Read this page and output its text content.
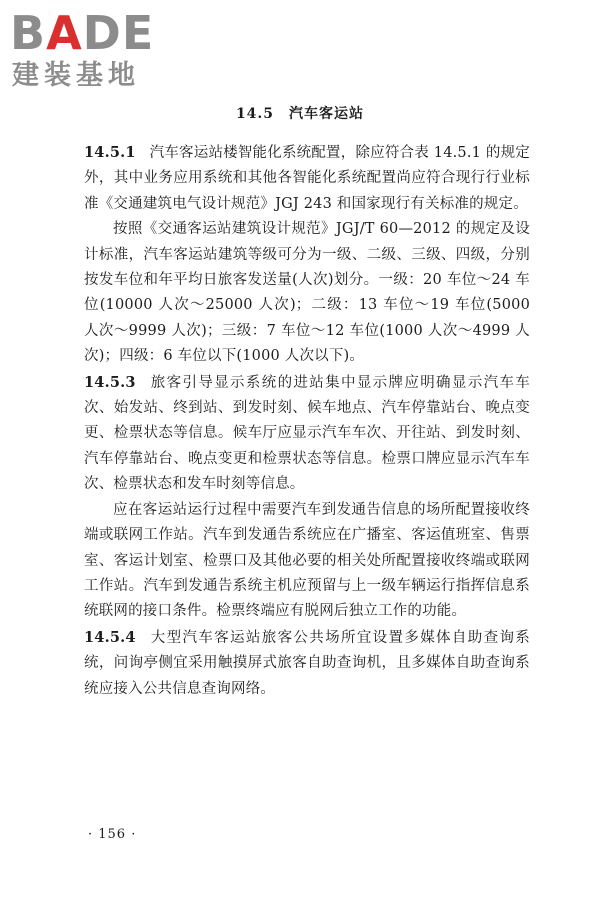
BADE
建装基地
14.5  汽车客运站

14.5.1 汽车客运站楼智能化系统配置，除应符合表 14.5.1 的规定外，其中业务应用系统和其他各智能化系统配置尚应符合现行行业标准《交通建筑电气设计规范》JGJ 243 和国家现行有关标准的规定。

按照《交通客运站建筑设计规范》JGJ/T 60—2012 的规定及设计标准，汽车客运站建筑等级可分为一级、二级、三级、四级，分别按发车位和年平均日旅客发送量(人次)划分。一级：20 车位～24 车位(10000 人次～25000 人次)；二级：13 车位～19 车位(5000 人次～9999 人次)；三级：7 车位～12 车位(1000 人次～4999 人次)；四级：6 车位以下(1000 人次以下)。

14.5.3 旅客引导显示系统的进站集中显示牌应明确显示汽车车次、始发站、终到站、到发时刻、候车地点、汽车停靠站台、晚点变更、检票状态等信息。候车厅应显示汽车车次、开往站、到发时刻、汽车停靠站台、晚点变更和检票状态等信息。检票口牌应显示汽车车次、检票状态和发车时刻等信息。

应在客运站运行过程中需要汽车到发通告信息的场所配置接收终端或联网工作站。汽车到发通告系统应在广播室、客运值班室、售票室、客运计划室、检票口及其他必要的相关处所配置接收终端或联网工作站。汽车到发通告系统主机应预留与上一级车辆运行指挥信息系统联网的接口条件。检票终端应有脱网后独立工作的功能。

14.5.4 大型汽车客运站旅客公共场所宜设置多媒体自助查询系统，问询亭侧宜采用触摸屏式旅客自助查询机，且多媒体自助查询系统应接入公共信息查询网络。

· 156 ·
